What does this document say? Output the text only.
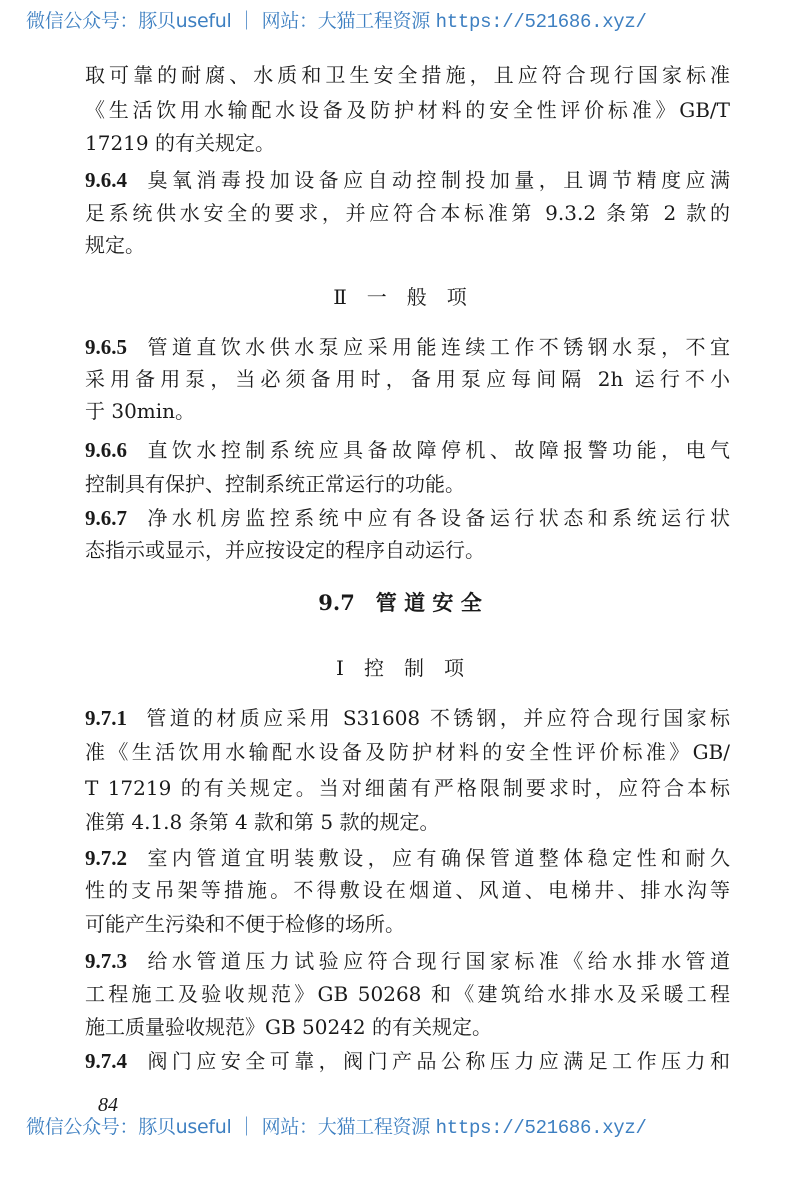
微信公众号：豚贝useful ｜ 网站：大猫工程资源 https://521686.xyz/
取可靠的耐腐、水质和卫生安全措施，且应符合现行国家标准
《生活饮用水输配水设备及防护材料的安全性评价标准》GB/T
17219 的有关规定。
9.6.4 臭氧消毒投加设备应自动控制投加量，且调节精度应满
足系统供水安全的要求，并应符合本标准第 9.3.2 条第 2 款的
规定。
Ⅱ　一　般　项
9.6.5 管道直饮水供水泵应采用能连续工作不锈钢水泵，不宜
采用备用泵，当必须备用时，备用泵应每间隔 2h 运行不小
于 30min。
9.6.6 直饮水控制系统应具备故障停机、故障报警功能，电气
控制具有保护、控制系统正常运行的功能。
9.6.7 净水机房监控系统中应有各设备运行状态和系统运行状
态指示或显示，并应按设定的程序自动运行。
9.7　管 道 安 全
Ⅰ　控　制　项
9.7.1 管道的材质应采用 S31608 不锈钢，并应符合现行国家标
准《生活饮用水输配水设备及防护材料的安全性评价标准》GB/
T 17219 的有关规定。当对细菌有严格限制要求时，应符合本标
准第 4.1.8 条第 4 款和第 5 款的规定。
9.7.2 室内管道宜明装敷设，应有确保管道整体稳定性和耐久
性的支吊架等措施。不得敷设在烟道、风道、电梯井、排水沟等
可能产生污染和不便于检修的场所。
9.7.3 给水管道压力试验应符合现行国家标准《给水排水管道
工程施工及验收规范》GB 50268 和《建筑给水排水及采暖工程
施工质量验收规范》GB 50242 的有关规定。
9.7.4 阀门应安全可靠，阀门产品公称压力应满足工作压力和
84
微信公众号：豚贝useful ｜ 网站：大猫工程资源 https://521686.xyz/
